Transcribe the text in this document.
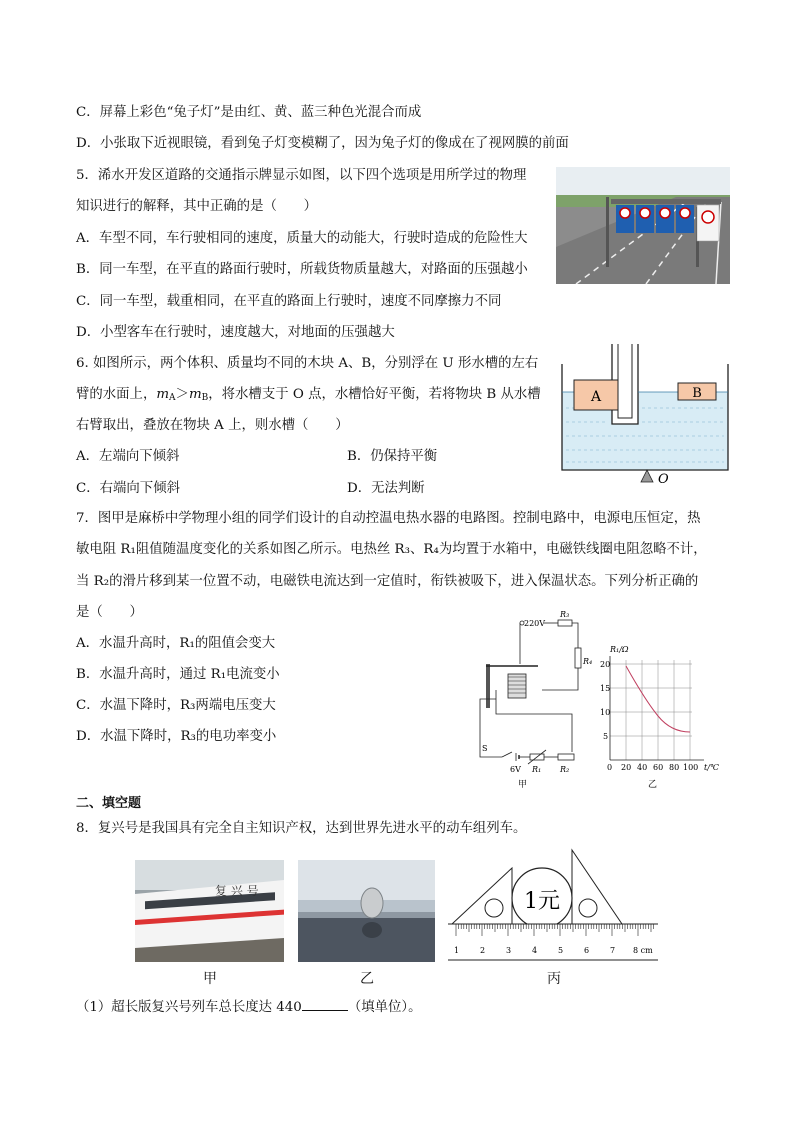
C．屏幕上彩色“兔子灯”是由红、黄、蓝三种色光混合而成
D．小张取下近视眼镜，看到兔子灯变模糊了，因为兔子灯的像成在了视网膜的前面
5．浠水开发区道路的交通指示牌显示如图，以下四个选项是用所学过的物理
知识进行的解释，其中正确的是（　　）
A．车型不同，车行驶相同的速度，质量大的动能大，行驶时造成的危险性大
B．同一车型，在平直的路面行驶时，所载货物质量越大，对路面的压强越小
C．同一车型，载重相同，在平直的路面上行驶时，速度不同摩擦力不同
D．小型客车在行驶时，速度越大，对地面的压强越大
6. 如图所示，两个体积、质量均不同的木块 A、B，分别浮在 U 形水槽的左右
臂的水面上，$m_A>m_B$，将水槽支于 O 点，水槽恰好平衡，若将物块 B 从水槽
右臂取出，叠放在物块 A 上，则水槽（　　）
A．左端向下倾斜	B．仍保持平衡
C．右端向下倾斜	D．无法判断
A	B
O
7．图甲是麻桥中学物理小组的同学们设计的自动控温电热水器的电路图。控制电路中，电源电压恒定，热
敏电阻 R₁阻值随温度变化的关系如图乙所示。电热丝 R₃、R₄为均置于水箱中，电磁铁线圈电阻忽略不计，
当 R₂的滑片移到某一位置不动，电磁铁电流达到一定值时，衔铁被吸下，进入保温状态。下列分析正确的
是（　　）
A．水温升高时，R₁的阻值会变大
B．水温升高时，通过 R₁电流变小
C．水温下降时，R₃两端电压变大
D．水温下降时，R₃的电功率变小
220V
R₃
R₄
S
6V R₁ R₂
甲
R₁/Ω
20
15
10
5
0 20 40 60 80 100 t/℃
乙
二、填空题
8．复兴号是我国具有完全自主知识产权，达到世界先进水平的动车组列车。
复 兴 号
甲	乙
1元
1	2	3	4	5	6	7 8 cm
丙
（1）超长版复兴号列车总长度达 440	（填单位）。
